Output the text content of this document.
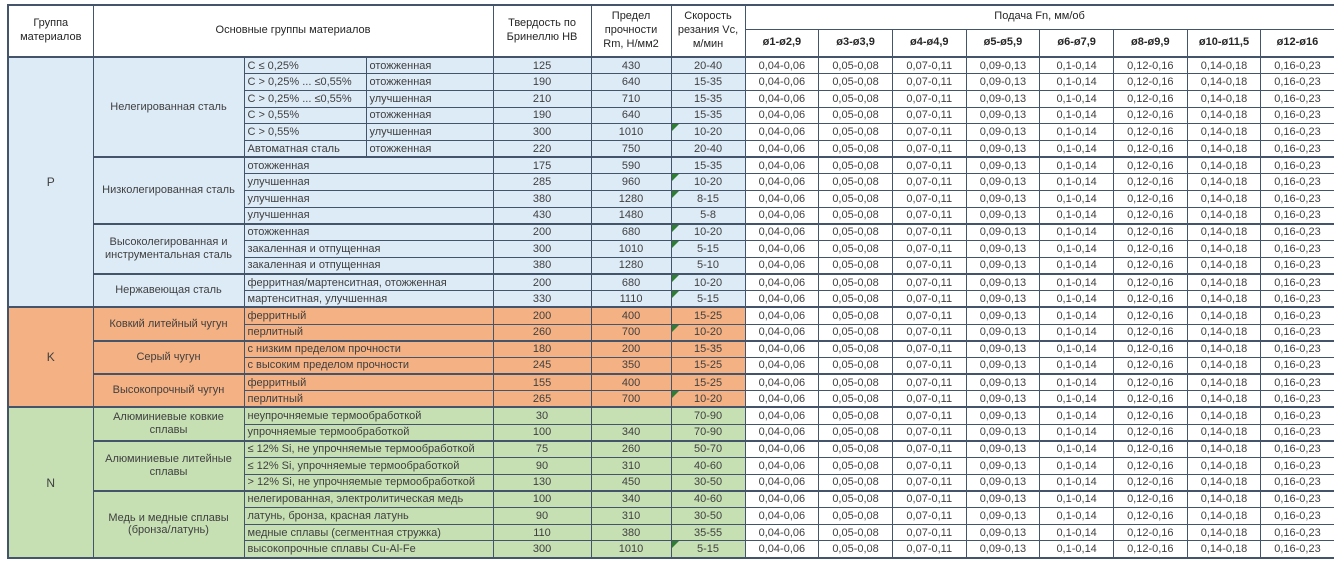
Группа материалов	Основные группы материалов			Твердость по Бринеллю HB	Предел прочности Rm, Н/мм2	Скорость резания Vc, м/мин	Подача Fn, мм/об							
							ø1-ø2,9	ø3-ø3,9	ø4-ø4,9	ø5-ø5,9	ø6-ø7,9	ø8-ø9,9	ø10-ø11,5	ø12-ø16
P	Нелегированная сталь	C ≤ 0,25%	отожженная	125	430	20-40	0,04-0,06	0,05-0,08	0,07-0,11	0,09-0,13	0,1-0,14	0,12-0,16	0,14-0,18	0,16-0,23
		C > 0,25% ... ≤0,55%	отожженная	190	640	15-35	0,04-0,06	0,05-0,08	0,07-0,11	0,09-0,13	0,1-0,14	0,12-0,16	0,14-0,18	0,16-0,23
		C > 0,25% ... ≤0,55%	улучшенная	210	710	15-35	0,04-0,06	0,05-0,08	0,07-0,11	0,09-0,13	0,1-0,14	0,12-0,16	0,14-0,18	0,16-0,23
		C > 0,55%	отожженная	190	640	15-35	0,04-0,06	0,05-0,08	0,07-0,11	0,09-0,13	0,1-0,14	0,12-0,16	0,14-0,18	0,16-0,23
		C > 0,55%	улучшенная	300	1010	10-20	0,04-0,06	0,05-0,08	0,07-0,11	0,09-0,13	0,1-0,14	0,12-0,16	0,14-0,18	0,16-0,23
		Автоматная сталь	отожженная	220	750	20-40	0,04-0,06	0,05-0,08	0,07-0,11	0,09-0,13	0,1-0,14	0,12-0,16	0,14-0,18	0,16-0,23
	Низколегированная сталь	отожженная		175	590	15-35	0,04-0,06	0,05-0,08	0,07-0,11	0,09-0,13	0,1-0,14	0,12-0,16	0,14-0,18	0,16-0,23
		улучшенная		285	960	10-20	0,04-0,06	0,05-0,08	0,07-0,11	0,09-0,13	0,1-0,14	0,12-0,16	0,14-0,18	0,16-0,23
		улучшенная		380	1280	8-15	0,04-0,06	0,05-0,08	0,07-0,11	0,09-0,13	0,1-0,14	0,12-0,16	0,14-0,18	0,16-0,23
		улучшенная		430	1480	5-8	0,04-0,06	0,05-0,08	0,07-0,11	0,09-0,13	0,1-0,14	0,12-0,16	0,14-0,18	0,16-0,23
	Высоколегированная и инструментальная сталь	отожженная		200	680	10-20	0,04-0,06	0,05-0,08	0,07-0,11	0,09-0,13	0,1-0,14	0,12-0,16	0,14-0,18	0,16-0,23
		закаленная и отпущенная		300	1010	5-15	0,04-0,06	0,05-0,08	0,07-0,11	0,09-0,13	0,1-0,14	0,12-0,16	0,14-0,18	0,16-0,23
		закаленная и отпущенная		380	1280	5-10	0,04-0,06	0,05-0,08	0,07-0,11	0,09-0,13	0,1-0,14	0,12-0,16	0,14-0,18	0,16-0,23
	Нержавеющая сталь	ферритная/мартенситная, отожженная		200	680	10-20	0,04-0,06	0,05-0,08	0,07-0,11	0,09-0,13	0,1-0,14	0,12-0,16	0,14-0,18	0,16-0,23
		мартенситная, улучшенная		330	1110	5-15	0,04-0,06	0,05-0,08	0,07-0,11	0,09-0,13	0,1-0,14	0,12-0,16	0,14-0,18	0,16-0,23
K	Ковкий литейный чугун	ферритный		200	400	15-25	0,04-0,06	0,05-0,08	0,07-0,11	0,09-0,13	0,1-0,14	0,12-0,16	0,14-0,18	0,16-0,23
		перлитный		260	700	10-20	0,04-0,06	0,05-0,08	0,07-0,11	0,09-0,13	0,1-0,14	0,12-0,16	0,14-0,18	0,16-0,23
	Серый чугун	с низким пределом прочности		180	200	15-35	0,04-0,06	0,05-0,08	0,07-0,11	0,09-0,13	0,1-0,14	0,12-0,16	0,14-0,18	0,16-0,23
		с высоким пределом прочности		245	350	15-25	0,04-0,06	0,05-0,08	0,07-0,11	0,09-0,13	0,1-0,14	0,12-0,16	0,14-0,18	0,16-0,23
	Высокопрочный чугун	ферритный		155	400	15-25	0,04-0,06	0,05-0,08	0,07-0,11	0,09-0,13	0,1-0,14	0,12-0,16	0,14-0,18	0,16-0,23
		перлитный		265	700	10-20	0,04-0,06	0,05-0,08	0,07-0,11	0,09-0,13	0,1-0,14	0,12-0,16	0,14-0,18	0,16-0,23
N	Алюминиевые ковкие сплавы	неупрочняемые термообработкой		30		70-90	0,04-0,06	0,05-0,08	0,07-0,11	0,09-0,13	0,1-0,14	0,12-0,16	0,14-0,18	0,16-0,23
		упрочняемые термообработкой		100	340	70-90	0,04-0,06	0,05-0,08	0,07-0,11	0,09-0,13	0,1-0,14	0,12-0,16	0,14-0,18	0,16-0,23
	Алюминиевые литейные сплавы	≤ 12% Si, не упрочняемые термообработкой		75	260	50-70	0,04-0,06	0,05-0,08	0,07-0,11	0,09-0,13	0,1-0,14	0,12-0,16	0,14-0,18	0,16-0,23
		≤ 12% Si, упрочняемые термообработкой		90	310	40-60	0,04-0,06	0,05-0,08	0,07-0,11	0,09-0,13	0,1-0,14	0,12-0,16	0,14-0,18	0,16-0,23
		> 12% Si, не упрочняемые термообработкой		130	450	30-50	0,04-0,06	0,05-0,08	0,07-0,11	0,09-0,13	0,1-0,14	0,12-0,16	0,14-0,18	0,16-0,23
	Медь и медные сплавы (бронза/латунь)	нелегированная, электролитическая медь		100	340	40-60	0,04-0,06	0,05-0,08	0,07-0,11	0,09-0,13	0,1-0,14	0,12-0,16	0,14-0,18	0,16-0,23
		латунь, бронза, красная латунь		90	310	30-50	0,04-0,06	0,05-0,08	0,07-0,11	0,09-0,13	0,1-0,14	0,12-0,16	0,14-0,18	0,16-0,23
		медные сплавы (сегментная стружка)		110	380	35-55	0,04-0,06	0,05-0,08	0,07-0,11	0,09-0,13	0,1-0,14	0,12-0,16	0,14-0,18	0,16-0,23
		высокопрочные сплавы Cu-Al-Fe		300	1010	5-15	0,04-0,06	0,05-0,08	0,07-0,11	0,09-0,13	0,1-0,14	0,12-0,16	0,14-0,18	0,16-0,23
